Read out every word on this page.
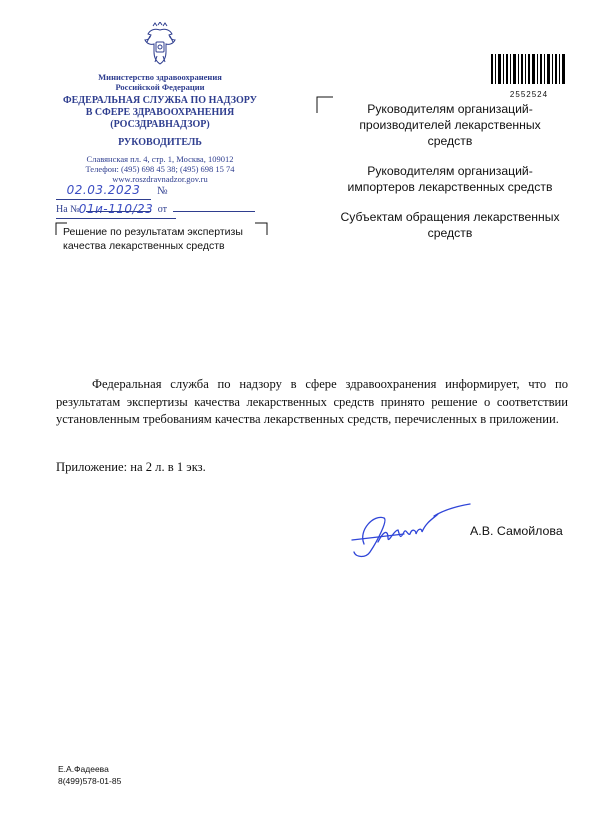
Министерство здравоохранения
Российской Федерации
ФЕДЕРАЛЬНАЯ СЛУЖБА ПО НАДЗОРУ
В СФЕРЕ ЗДРАВООХРАНЕНИЯ
(РОСЗДРАВНАДЗОР)
РУКОВОДИТЕЛЬ
Славянская пл. 4, стр. 1, Москва, 109012
Телефон: (495) 698 45 38; (495) 698 15 74
www.roszdravnadzor.gov.ru
02.03.2023 № 01и-110/23
На №	от
Решение по результатам экспертизы
качества лекарственных средств
2552524
Руководителям организаций-производителей лекарственных средств
Руководителям организаций-импортеров лекарственных средств
Субъектам обращения лекарственных средств

Федеральная служба по надзору в сфере здравоохранения информирует, что по результатам экспертизы качества лекарственных средств принято решение о соответствии установленным требованиям качества лекарственных средств, перечисленных в приложении.

Приложение: на 2 л. в 1 экз.
А.В. Самойлова
Е.А.Фадеева
8(499)578-01-85
